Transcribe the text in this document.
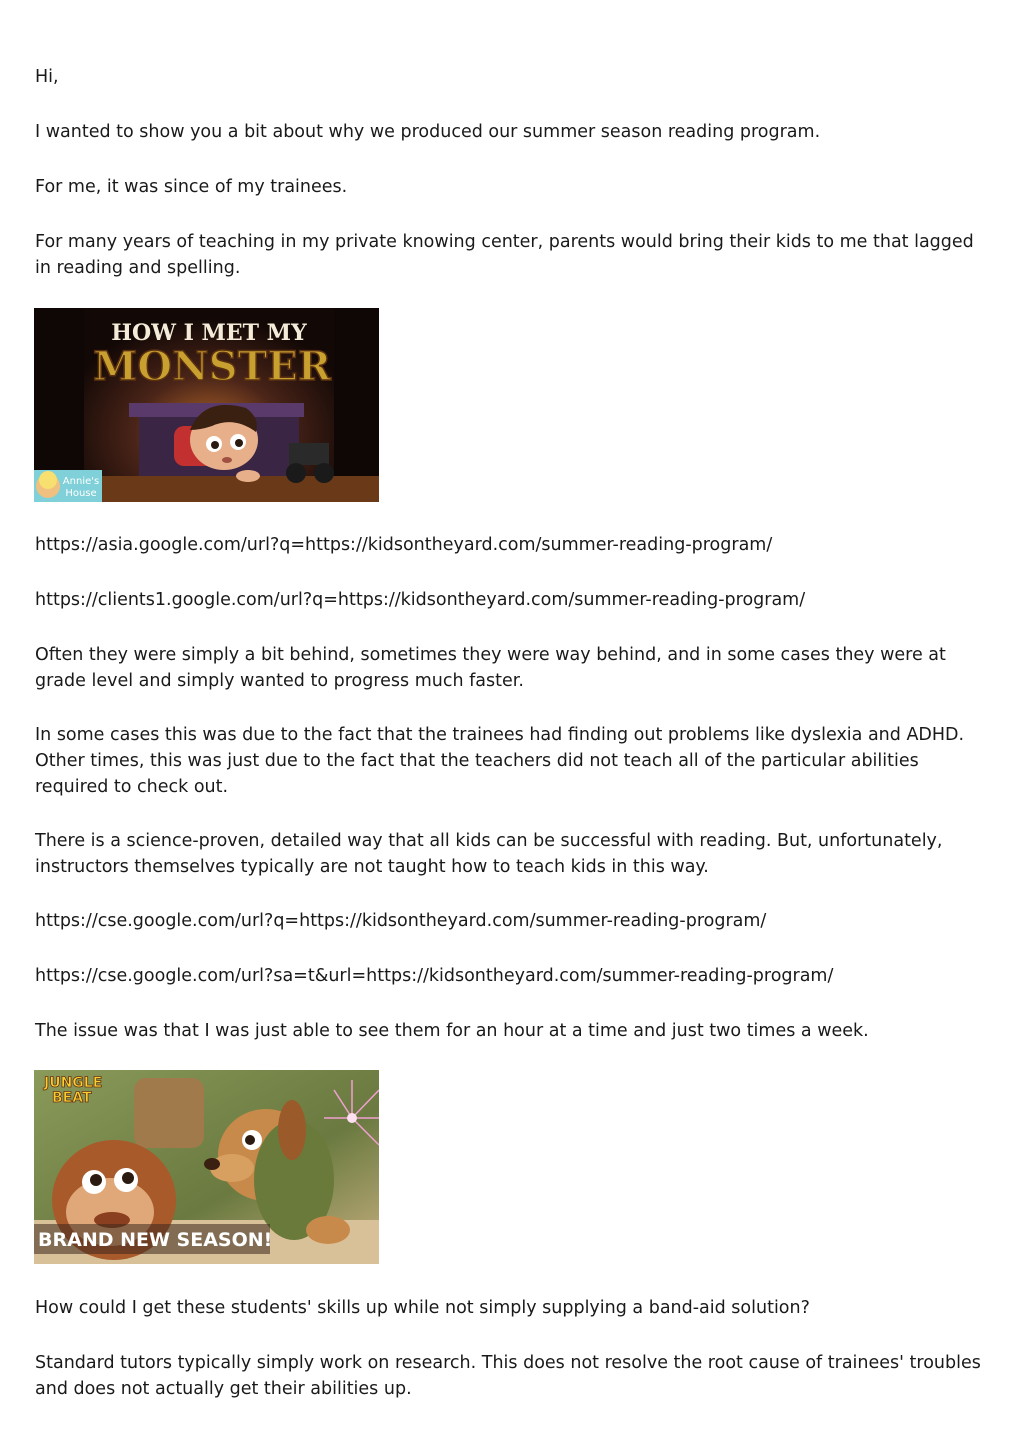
Hi,

I wanted to show you a bit about why we produced our summer season reading program.

For me, it was since of my trainees.

For many years of teaching in my private knowing center, parents would bring their kids to me that lagged in reading and spelling.

HOW I MET MY
MONSTER
Annie's
House

https://asia.google.com/url?q=https://kidsontheyard.com/summer-reading-program/

https://clients1.google.com/url?q=https://kidsontheyard.com/summer-reading-program/

Often they were simply a bit behind, sometimes they were way behind, and in some cases they were at grade level and simply wanted to progress much faster.

In some cases this was due to the fact that the trainees had finding out problems like dyslexia and ADHD. Other times, this was just due to the fact that the teachers did not teach all of the particular abilities required to check out.

There is a science-proven, detailed way that all kids can be successful with reading. But, unfortunately, instructors themselves typically are not taught how to teach kids in this way.

https://cse.google.com/url?q=https://kidsontheyard.com/summer-reading-program/

https://cse.google.com/url?sa=t&url=https://kidsontheyard.com/summer-reading-program/

The issue was that I was just able to see them for an hour at a time and just two times a week.

JUNGLE
BEAT
BRAND NEW SEASON!

How could I get these students' skills up while not simply supplying a band-aid solution?

Standard tutors typically simply work on research. This does not resolve the root cause of trainees' troubles and does not actually get their abilities up.
